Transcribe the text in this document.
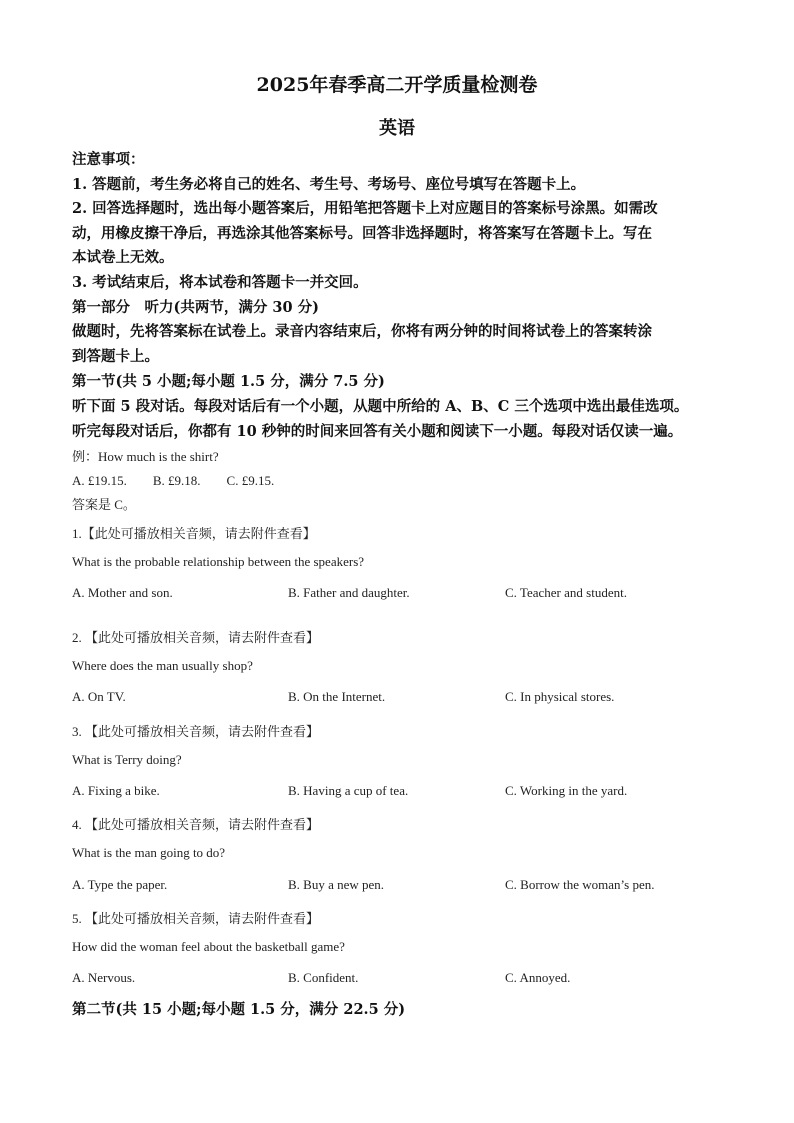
2025年春季高二开学质量检测卷
英语
注意事项：
1. 答题前，考生务必将自己的姓名、考生号、考场号、座位号填写在答题卡上。
2. 回答选择题时，选出每小题答案后，用铅笔把答题卡上对应题目的答案标号涂黑。如需改
动，用橡皮擦干净后，再选涂其他答案标号。回答非选择题时，将答案写在答题卡上。写在
本试卷上无效。
3. 考试结束后，将本试卷和答题卡一并交回。
第一部分　听力(共两节，满分 30 分)
做题时，先将答案标在试卷上。录音内容结束后，你将有两分钟的时间将试卷上的答案转涂
到答题卡上。
第一节(共 5 小题;每小题 1.5 分，满分 7.5 分)
听下面 5 段对话。每段对话后有一个小题，从题中所给的 A、B、C 三个选项中选出最佳选项。
听完每段对话后，你都有 10 秒钟的时间来回答有关小题和阅读下一小题。每段对话仅读一遍。
例：How much is the shirt?
A. £19.15.　　B. £9.18.　　C. £9.15.
答案是 C。
1.【此处可播放相关音频，请去附件查看】
What is the probable relationship between the speakers?
A. Mother and son.	B. Father and daughter.	C. Teacher and student.
2. 【此处可播放相关音频，请去附件查看】
Where does the man usually shop?
A. On TV.	B. On the Internet.	C. In physical stores.
3. 【此处可播放相关音频，请去附件查看】
What is Terry doing?
A. Fixing a bike.	B. Having a cup of tea.	C. Working in the yard.
4. 【此处可播放相关音频，请去附件查看】
What is the man going to do?
A. Type the paper.	B. Buy a new pen.	C. Borrow the woman’s pen.
5. 【此处可播放相关音频，请去附件查看】
How did the woman feel about the basketball game?
A. Nervous.	B. Confident.	C. Annoyed.
第二节(共 15 小题;每小题 1.5 分，满分 22.5 分)
